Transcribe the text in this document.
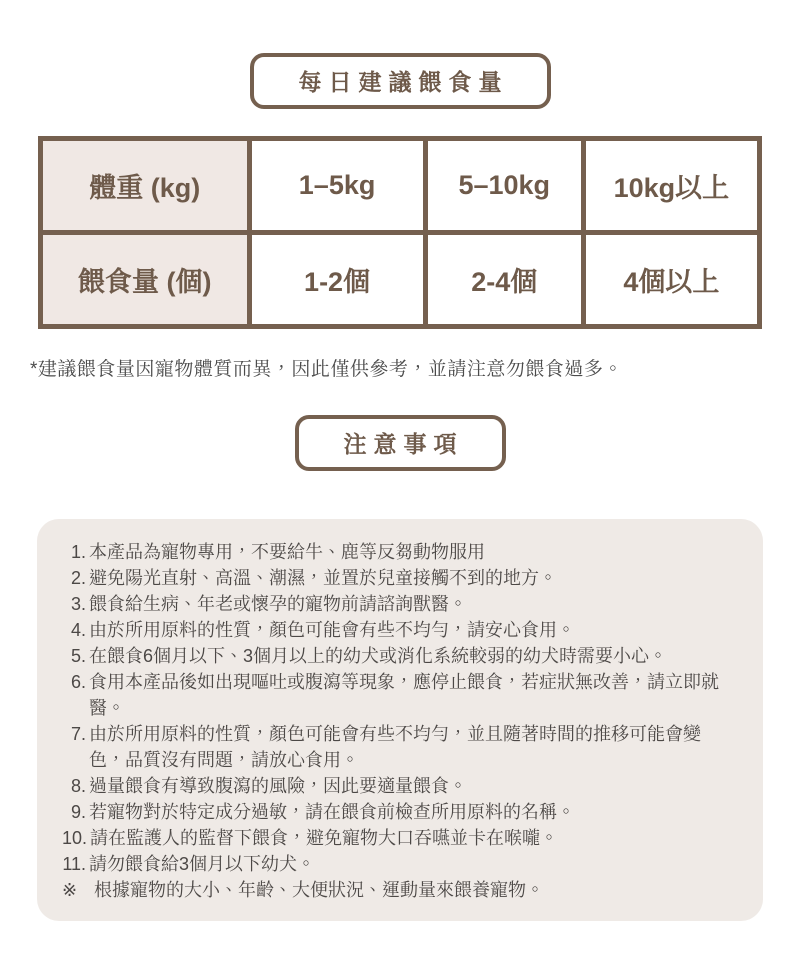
每日建議餵食量
體重 (kg)	1–5kg	5–10kg	10kg以上
餵食量 (個)	1-2個	2-4個	4個以上

*建議餵食量因寵物體質而異，因此僅供參考，並請注意勿餵食過多。

注意事項
1. 本產品為寵物專用，不要給牛、鹿等反芻動物服用
2. 避免陽光直射、高溫、潮濕，並置於兒童接觸不到的地方。
3. 餵食給生病、年老或懷孕的寵物前請諮詢獸醫。
4. 由於所用原料的性質，顏色可能會有些不均勻，請安心食用。
5. 在餵食6個月以下、3個月以上的幼犬或消化系統較弱的幼犬時需要小心。
6. 食用本產品後如出現嘔吐或腹瀉等現象，應停止餵食，若症狀無改善，請立即就醫。
7. 由於所用原料的性質，顏色可能會有些不均勻，並且隨著時間的推移可能會變色，品質沒有問題，請放心食用。
8. 過量餵食有導致腹瀉的風險，因此要適量餵食。
9. 若寵物對於特定成分過敏，請在餵食前檢查所用原料的名稱。
10. 請在監護人的監督下餵食，避免寵物大口吞嚥並卡在喉嚨。
11. 請勿餵食給3個月以下幼犬。
※ 根據寵物的大小、年齡、大便狀況、運動量來餵養寵物。
